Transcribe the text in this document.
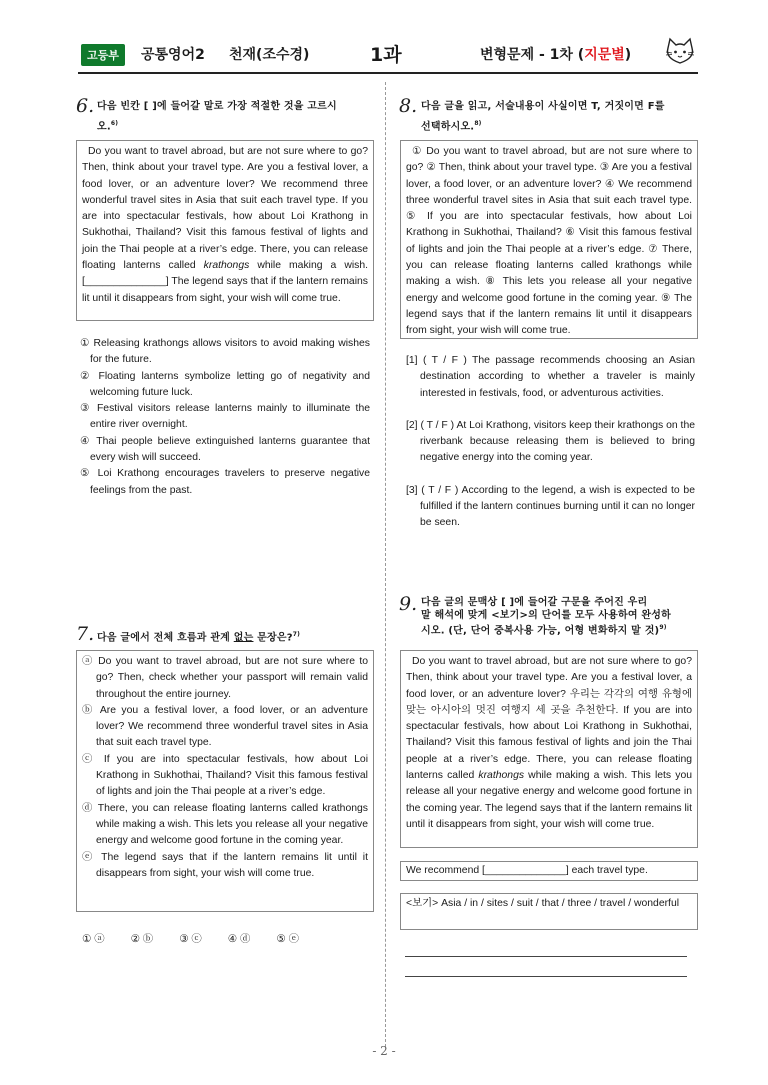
고등부	공통영어2 천재(조수경)	1과	변형문제 - 1차 (지문별)
6. 다음 빈칸 [ ]에 들어갈 말로 가장 적절한 것을 고르시
오.$^{6)}$

Do you want to travel abroad, but are not sure where to go? Then, think about your travel type. Are you a festival lover, a food lover, or an adventure lover? We recommend three wonderful travel sites in Asia that suit each travel type. If you are into spectacular festivals, how about Loi Krathong in Sukhothai, Thailand? Visit this famous festival of lights and join the Thai people at a river’s edge. There, you can release floating lanterns called krathongs while making a wish. [______________] The legend says that if the lantern remains lit until it disappears from sight, your wish will come true.

① Releasing krathongs allows visitors to avoid making wishes for the future.
② Floating lanterns symbolize letting go of negativity and welcoming future luck.
③ Festival visitors release lanterns mainly to illuminate the entire river overnight.
④ Thai people believe extinguished lanterns guarantee that every wish will succeed.
⑤ Loi Krathong encourages travelers to preserve negative feelings from the past.
7. 다음 글에서 전체 흐름과 관계 없는 문장은?$^{7)}$
ⓐ Do you want to travel abroad, but are not sure where to go? Then, check whether your passport will remain valid throughout the entire journey.
ⓑ Are you a festival lover, a food lover, or an adventure lover? We recommend three wonderful travel sites in Asia that suit each travel type.
ⓒ If you are into spectacular festivals, how about Loi Krathong in Sukhothai, Thailand? Visit this famous festival of lights and join the Thai people at a river’s edge.
ⓓ There, you can release floating lanterns called krathongs while making a wish. This lets you release all your negative energy and welcome good fortune in the coming year.
ⓔ The legend says that if the lantern remains lit until it disappears from sight, your wish will come true.
① ⓐ	② ⓑ	③ ⓒ	④ ⓓ	⑤ ⓔ
8. 다음 글을 읽고, 서술내용이 사실이면 T, 거짓이면 F를
선택하시오.$^{8)}$

① Do you want to travel abroad, but are not sure where to go? ② Then, think about your travel type. ③ Are you a festival lover, a food lover, or an adventure lover? ④ We recommend three wonderful travel sites in Asia that suit each travel type. ⑤ If you are into spectacular festivals, how about Loi Krathong in Sukhothai, Thailand? ⑥ Visit this famous festival of lights and join the Thai people at a river’s edge. ⑦ There, you can release floating lanterns called krathongs while making a wish. ⑧ This lets you release all your negative energy and welcome good fortune in the coming year. ⑨ The legend says that if the lantern remains lit until it disappears from sight, your wish will come true.

[1] ( T / F ) The passage recommends choosing an Asian destination according to whether a traveler is mainly interested in festivals, food, or adventurous activities.
[2] ( T / F ) At Loi Krathong, visitors keep their krathongs on the riverbank because releasing them is believed to bring negative energy into the coming year.
[3] ( T / F ) According to the legend, a wish is expected to be fulfilled if the lantern continues burning until it can no longer be seen.
9. 다음 글의 문맥상 [ ]에 들어갈 구문을 주어진 우리
말 해석에 맞게 <보기>의 단어를 모두 사용하여 완성하
시오. (단, 단어 중복사용 가능, 어형 변화하지 말 것)$^{9)}$

Do you want to travel abroad, but are not sure where to go? Then, think about your travel type. Are you a festival lover, a food lover, or an adventure lover? 우리는 각각의 여행 유형에 맞는 아시아의 멋진 여행지 세 곳을 추천한다. If you are into spectacular festivals, how about Loi Krathong in Sukhothai, Thailand? Visit this famous festival of lights and join the Thai people at a river’s edge. There, you can release floating lanterns called krathongs while making a wish. This lets you release all your negative energy and welcome good fortune in the coming year. The legend says that if the lantern remains lit until it disappears from sight, your wish will come true.

We recommend [______________] each travel type.
<보기> Asia / in / sites / suit / that / three / travel / wonderful
- 2 -
